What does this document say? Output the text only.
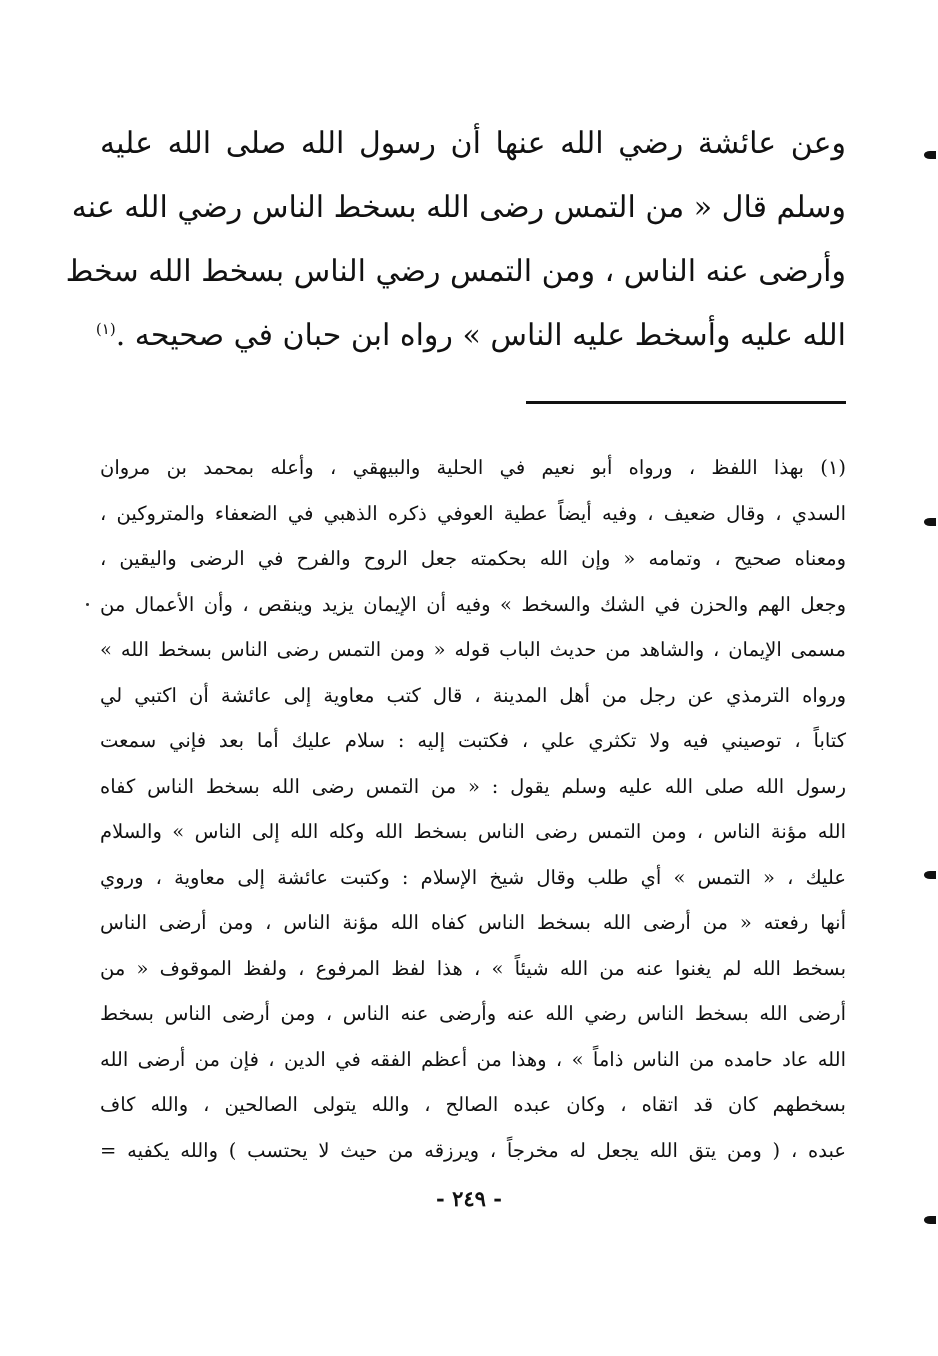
وعن عائشة رضي الله عنها أن رسول الله صلى الله عليه
وسلم قال « من التمس رضى الله بسخط الناس رضي الله عنه
وأرضى عنه الناس ، ومن التمس رضي الناس بسخط الله سخط
الله عليه وأسخط عليه الناس » رواه ابن حبان في صحيحه .$^{(١)}$
(١) بهذا اللفظ ، ورواه أبو نعيم في الحلية والبيهقي ، وأعله بمحمد بن مروان
السدي ، وقال ضعيف ، وفيه أيضاً عطية العوفي ذكره الذهبي في الضعفاء والمتروكين ،
ومعناه صحيح ، وتمامه « وإن الله بحكمته جعل الروح والفرح في الرضى واليقين ،
وجعل الهم والحزن في الشك والسخط » وفيه أن الإيمان يزيد وينقص ، وأن الأعمال من
مسمى الإيمان ، والشاهد من حديث الباب قوله « ومن التمس رضى الناس بسخط الله »
ورواه الترمذي عن رجل من أهل المدينة ، قال كتب معاوية إلى عائشة أن اكتبي لي
كتاباً ، توصيني فيه ولا تكثري علي ، فكتبت إليه : سلام عليك أما بعد فإني سمعت
رسول الله صلى الله عليه وسلم يقول : « من التمس رضى الله بسخط الناس كفاه
الله مؤنة الناس ، ومن التمس رضى الناس بسخط الله وكله الله إلى الناس » والسلام
عليك ، « التمس » أي طلب وقال شيخ الإسلام : وكتبت عائشة إلى معاوية ، وروي
أنها رفعته « من أرضى الله بسخط الناس كفاه الله مؤنة الناس ، ومن أرضى الناس
بسخط الله لم يغنوا عنه من الله شيئاً » ، هذا لفظ المرفوع ، ولفظ الموقوف « من
أرضى الله بسخط الناس رضي الله عنه وأرضى عنه الناس ، ومن أرضى الناس بسخط
الله عاد حامده من الناس ذاماً » ، وهذا من أعظم الفقه في الدين ، فإن من أرضى الله
بسخطهم كان قد اتقاه ، وكان عبده الصالح ، والله يتولى الصالحين ، والله كاف
عبده ، ( ومن يتق الله يجعل له مخرجاً ، ويرزقه من حيث لا يحتسب ) والله يكفيه =
- ٢٤٩ -
